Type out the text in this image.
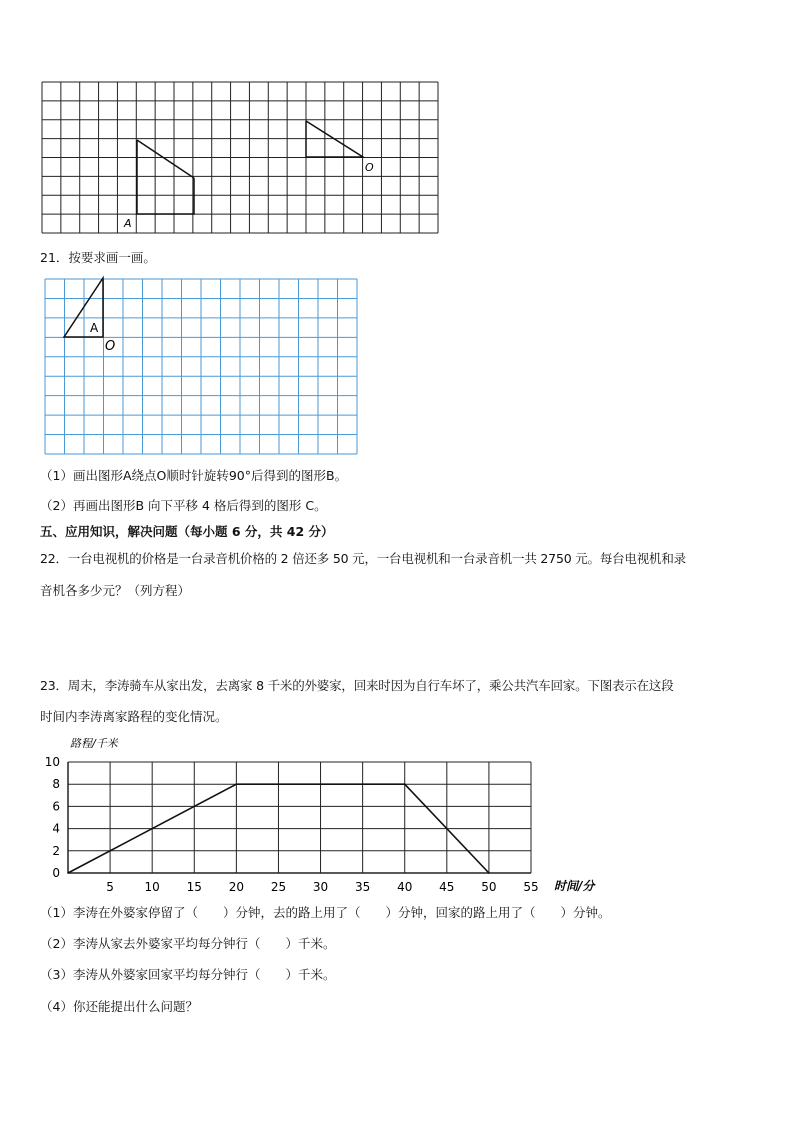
A
O
21．按要求画一画。
A
O
（1）画出图形A绕点O顺时针旋转90°后得到的图形B。
（2）再画出图形B 向下平移 4 格后得到的图形 C。
五、应用知识，解决问题（每小题 6 分，共 42 分）
22．一台电视机的价格是一台录音机价格的 2 倍还多 50 元，一台电视机和一台录音机一共 2750 元。每台电视机和录
音机各多少元？（列方程）
23．周末，李涛骑车从家出发，去离家 8 千米的外婆家，回来时因为自行车坏了，乘公共汽车回家。下图表示在这段
时间内李涛离家路程的变化情况。
0
2
4
6
8
10
5	10 15 20 25 30 35 40 45 50 55
路程/千米
时间/分
（1）李涛在外婆家停留了（　　）分钟，去的路上用了（　　）分钟，回家的路上用了（　　）分钟。
（2）李涛从家去外婆家平均每分钟行（　　）千米。
（3）李涛从外婆家回家平均每分钟行（　　）千米。
（4）你还能提出什么问题？
